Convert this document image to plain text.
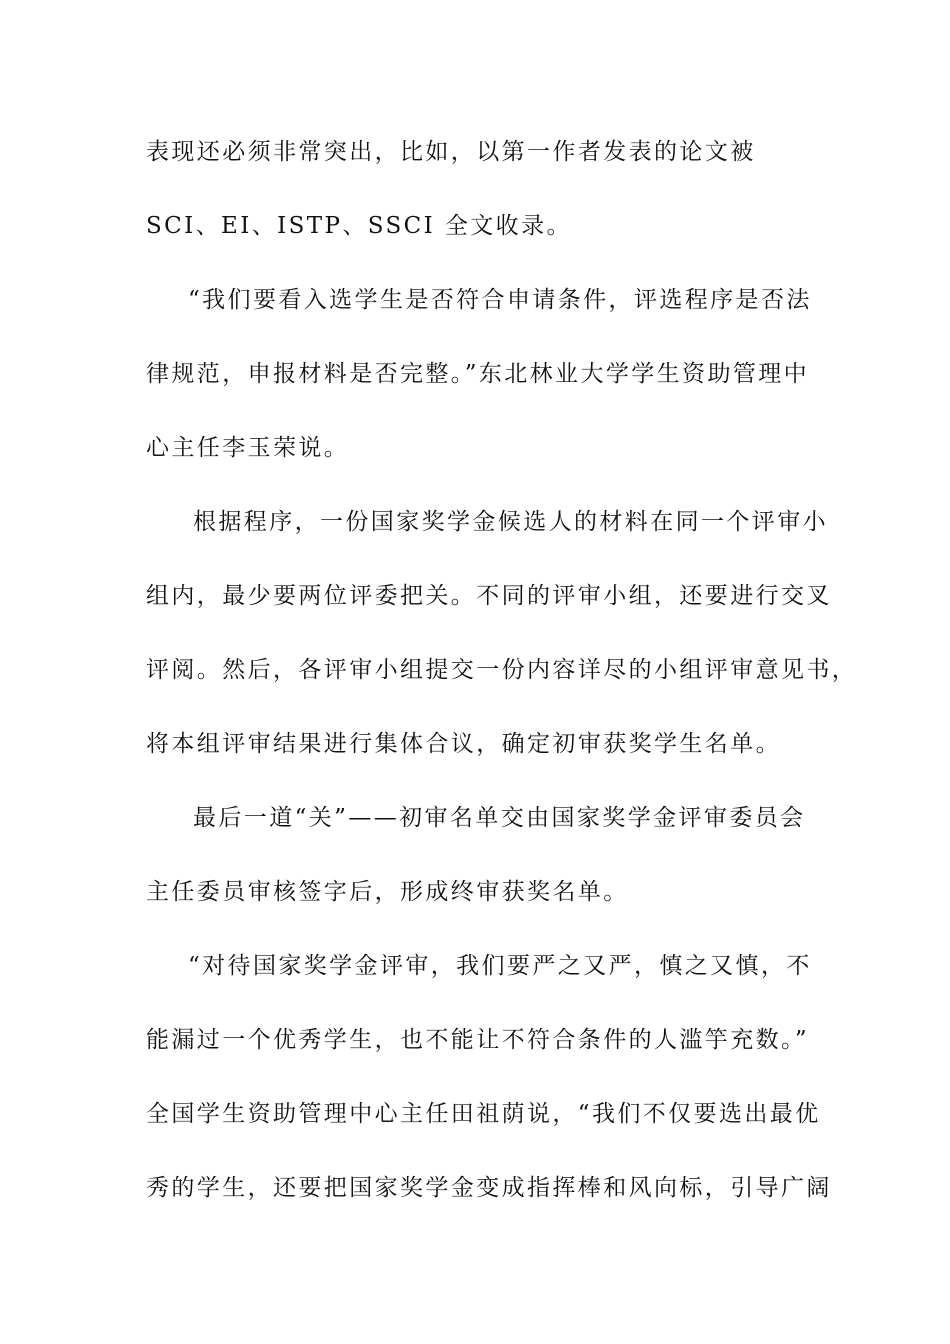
表现还必须非常突出，比如，以第一作者发表的论文被
SCI、EI、ISTP、SSCI 全文收录。
“我们要看入选学生是否符合申请条件，评选程序是否法
律规范，申报材料是否完整。”东北林业大学学生资助管理中
心主任李玉荣说。
根据程序，一份国家奖学金候选人的材料在同一个评审小
组内，最少要两位评委把关。不同的评审小组，还要进行交叉
评阅。然后，各评审小组提交一份内容详尽的小组评审意见书，
将本组评审结果进行集体合议，确定初审获奖学生名单。
最后一道“关”——初审名单交由国家奖学金评审委员会
主任委员审核签字后，形成终审获奖名单。
“对待国家奖学金评审，我们要严之又严，慎之又慎，不
能漏过一个优秀学生，也不能让不符合条件的人滥竽充数。”
全国学生资助管理中心主任田祖荫说，“我们不仅要选出最优
秀的学生，还要把国家奖学金变成指挥棒和风向标，引导广阔
